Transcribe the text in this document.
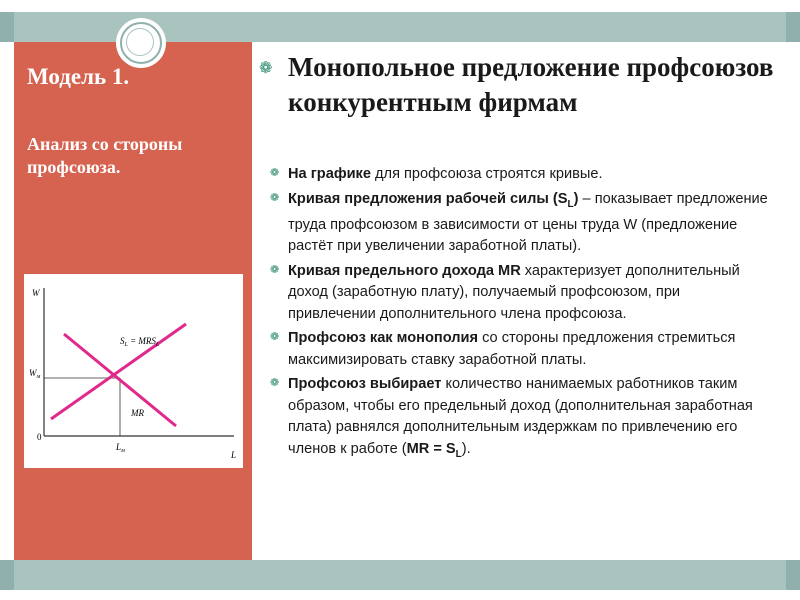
Модель 1.
Анализ со стороны профсоюза.
W
L
0
$W_м$
$L_м$
$S_L = MRS_L$
MR
❁ Монопольное предложение профсоюзов конкурентным фирмам
❁ На графике для профсоюза строятся кривые.
❁ Кривая предложения рабочей силы $(S_L)$ – показывает предложение труда профсоюзом в зависимости от цены труда W (предложение растёт при увеличении заработной платы).
❁ Кривая предельного дохода MR характеризует дополнительный доход (заработную плату), получаемый профсоюзом, при привлечении дополнительного члена профсоюза.
❁ Профсоюз как монополия со стороны предложения стремиться максимизировать ставку заработной платы.
❁ Профсоюз выбирает количество нанимаемых работников таким образом, чтобы его предельный доход (дополнительная заработная плата) равнялся дополнительным издержкам по привлечению его членов к работе $(MR = S_L)$.
